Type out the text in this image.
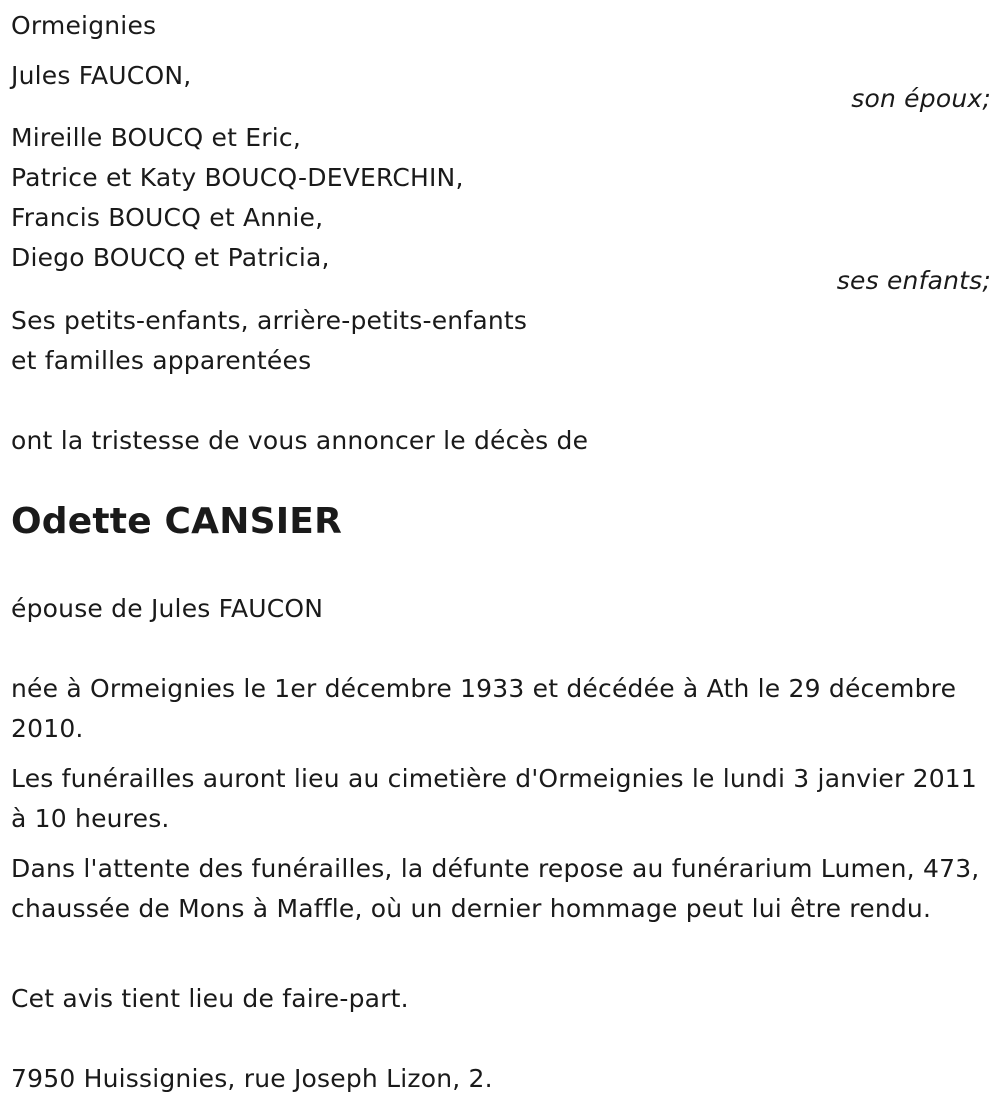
Ormeignies
Jules FAUCON,
son époux;
Mireille BOUCQ et Eric,
Patrice et Katy BOUCQ-DEVERCHIN,
Francis BOUCQ et Annie,
Diego BOUCQ et Patricia,
ses enfants;
Ses petits-enfants, arrière-petits-enfants
et familles apparentées
ont la tristesse de vous annoncer le décès de
Odette CANSIER
épouse de Jules FAUCON
née à Ormeignies le 1er décembre 1933 et décédée à Ath le 29 décembre 2010.
Les funérailles auront lieu au cimetière d'Ormeignies le lundi 3 janvier 2011 à 10 heures.
Dans l'attente des funérailles, la défunte repose au funérarium Lumen, 473, chaussée de Mons à Maffle, où un dernier hommage peut lui être rendu.
Cet avis tient lieu de faire-part.
7950 Huissignies, rue Joseph Lizon, 2.
